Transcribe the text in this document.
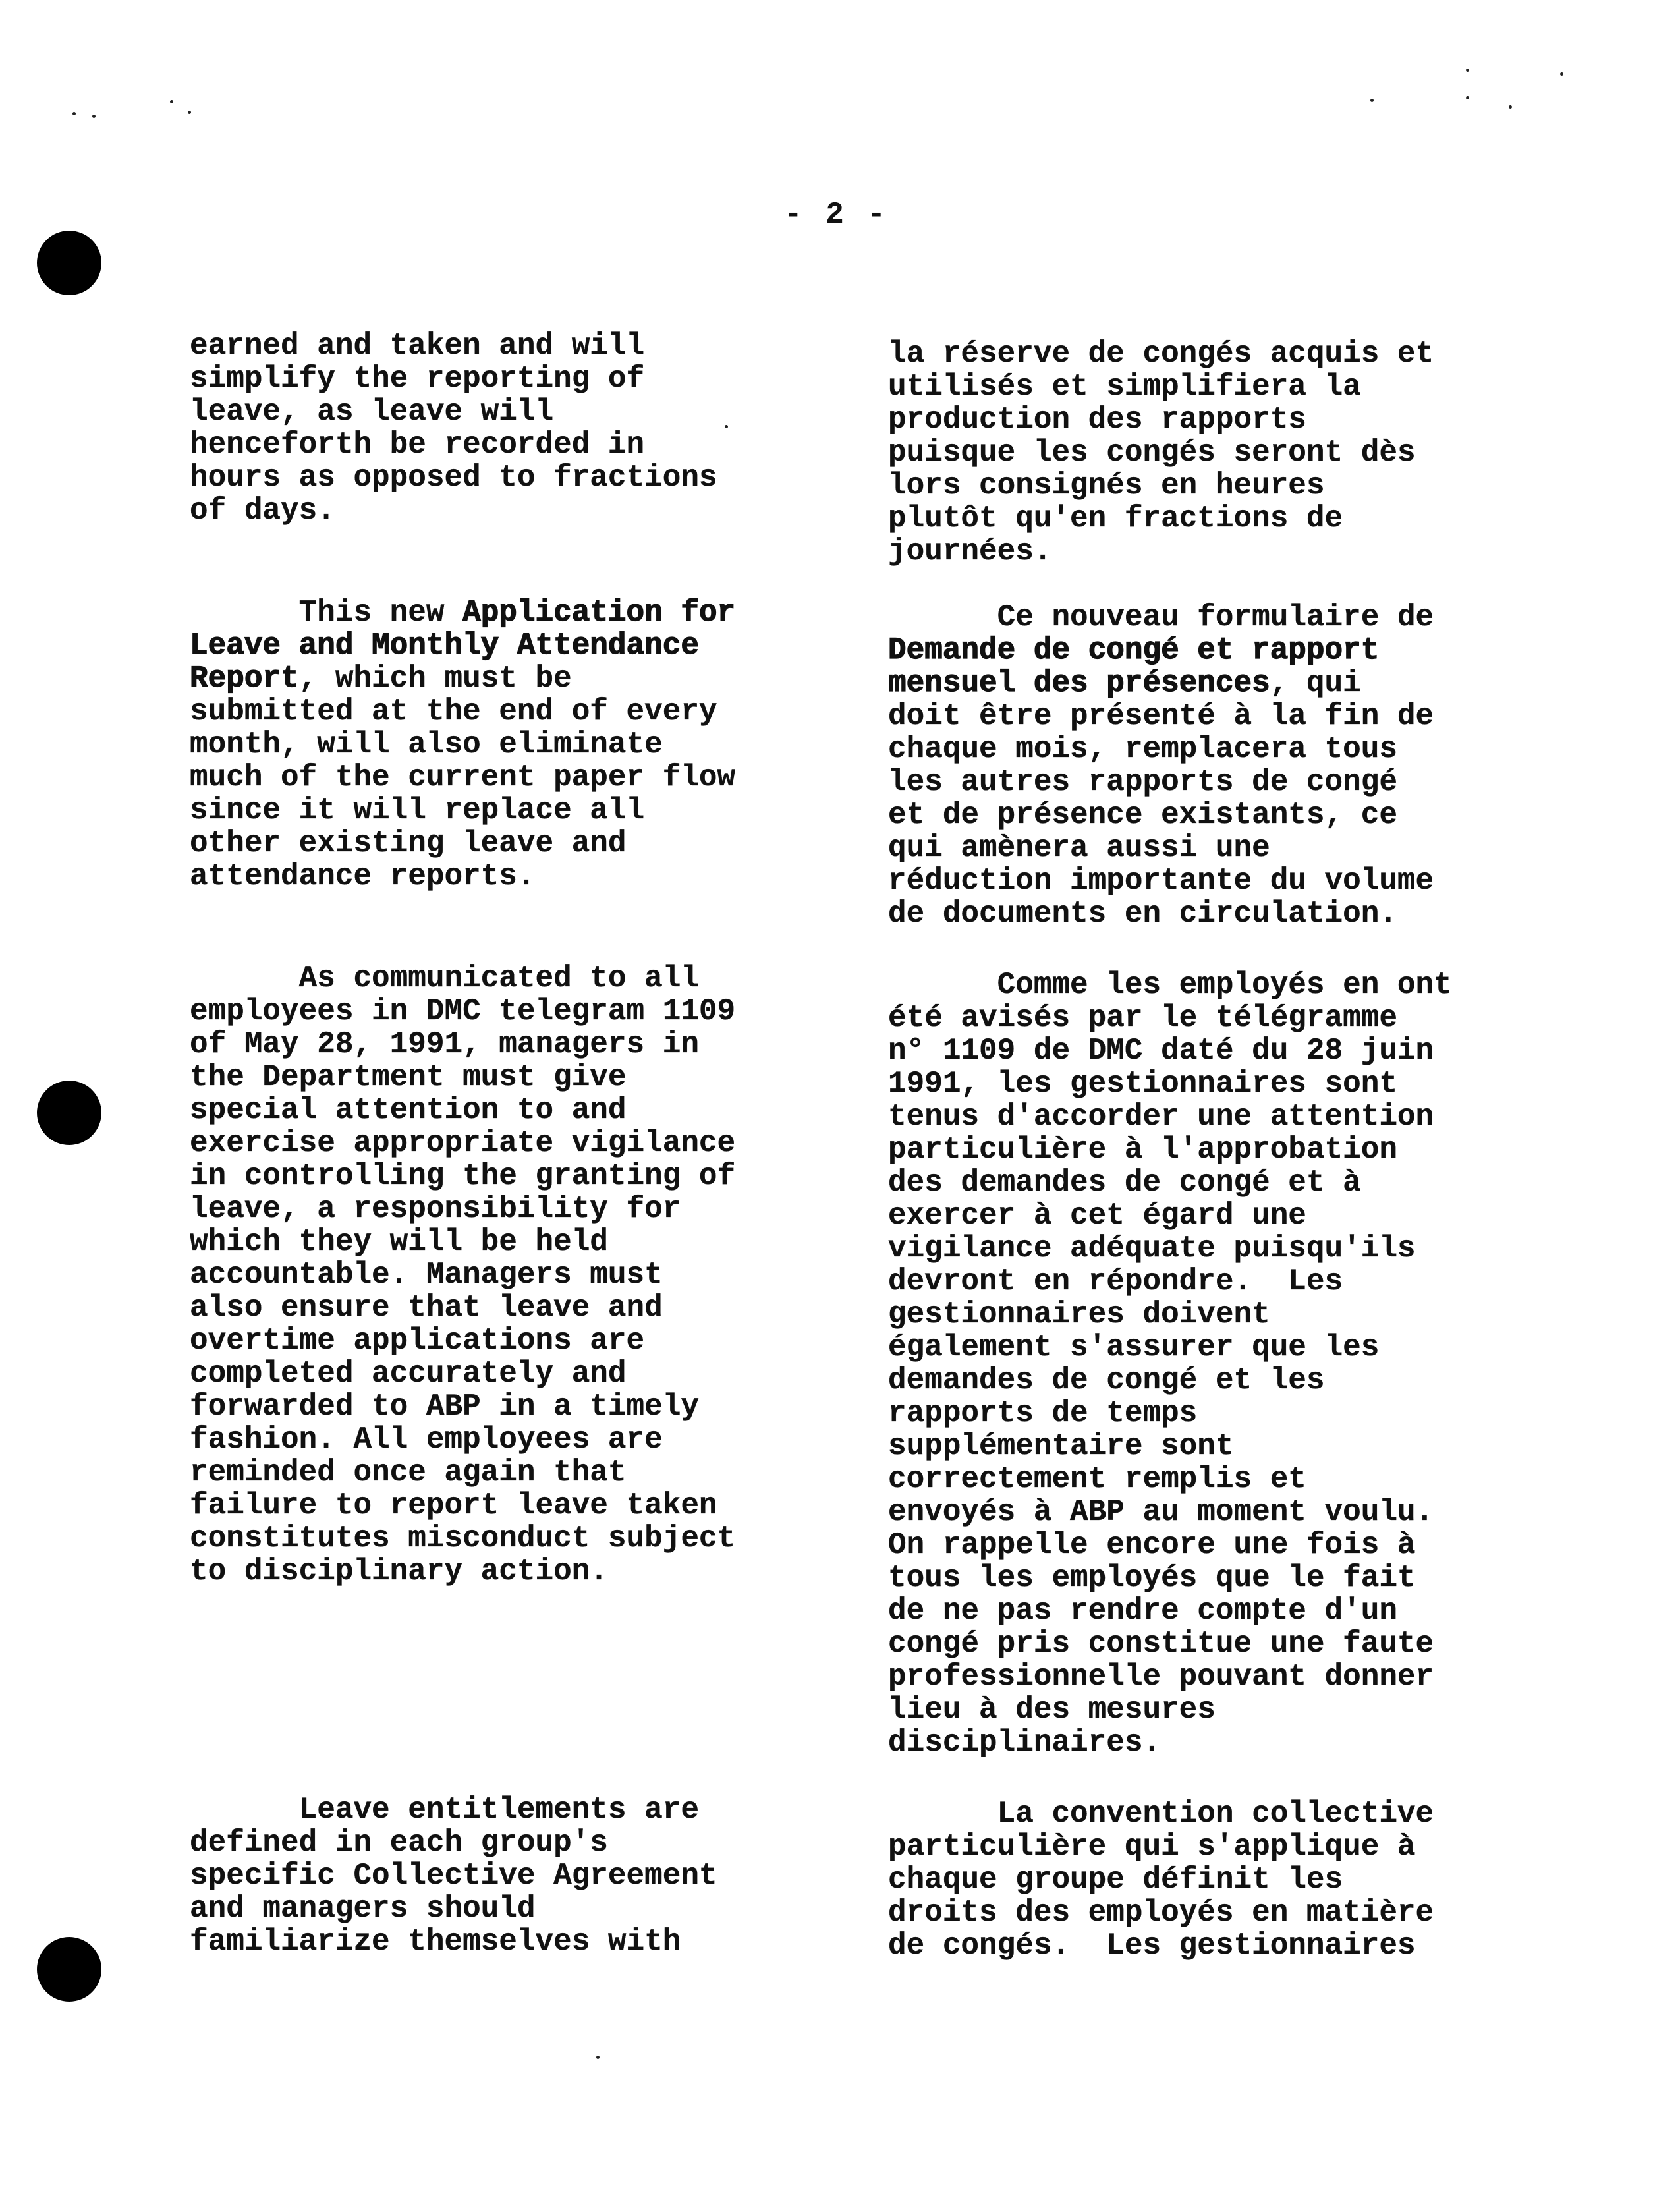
- 2 -
earned and taken and will
simplify the reporting of
leave, as leave will
henceforth be recorded in
hours as opposed to fractions
of days.
This new Application for
Leave and Monthly Attendance
Report, which must be
submitted at the end of every
month, will also eliminate
much of the current paper flow
since it will replace all
other existing leave and
attendance reports.
As communicated to all
employees in DMC telegram 1109
of May 28, 1991, managers in
the Department must give
special attention to and
exercise appropriate vigilance
in controlling the granting of
leave, a responsibility for
which they will be held
accountable. Managers must
also ensure that leave and
overtime applications are
completed accurately and
forwarded to ABP in a timely
fashion. All employees are
reminded once again that
failure to report leave taken
constitutes misconduct subject
to disciplinary action.
Leave entitlements are
defined in each group's
specific Collective Agreement
and managers should
familiarize themselves with
la réserve de congés acquis et
utilisés et simplifiera la
production des rapports
puisque les congés seront dès
lors consignés en heures
plutôt qu'en fractions de
journées.
Ce nouveau formulaire de
Demande de congé et rapport
mensuel des présences, qui
doit être présenté à la fin de
chaque mois, remplacera tous
les autres rapports de congé
et de présence existants, ce
qui amènera aussi une
réduction importante du volume
de documents en circulation.
Comme les employés en ont
été avisés par le télégramme
n° 1109 de DMC daté du 28 juin
1991, les gestionnaires sont
tenus d'accorder une attention
particulière à l'approbation
des demandes de congé et à
exercer à cet égard une
vigilance adéquate puisqu'ils
devront en répondre.  Les
gestionnaires doivent
également s'assurer que les
demandes de congé et les
rapports de temps
supplémentaire sont
correctement remplis et
envoyés à ABP au moment voulu.
On rappelle encore une fois à
tous les employés que le fait
de ne pas rendre compte d'un
congé pris constitue une faute
professionnelle pouvant donner
lieu à des mesures
disciplinaires.
La convention collective
particulière qui s'applique à
chaque groupe définit les
droits des employés en matière
de congés.  Les gestionnaires
